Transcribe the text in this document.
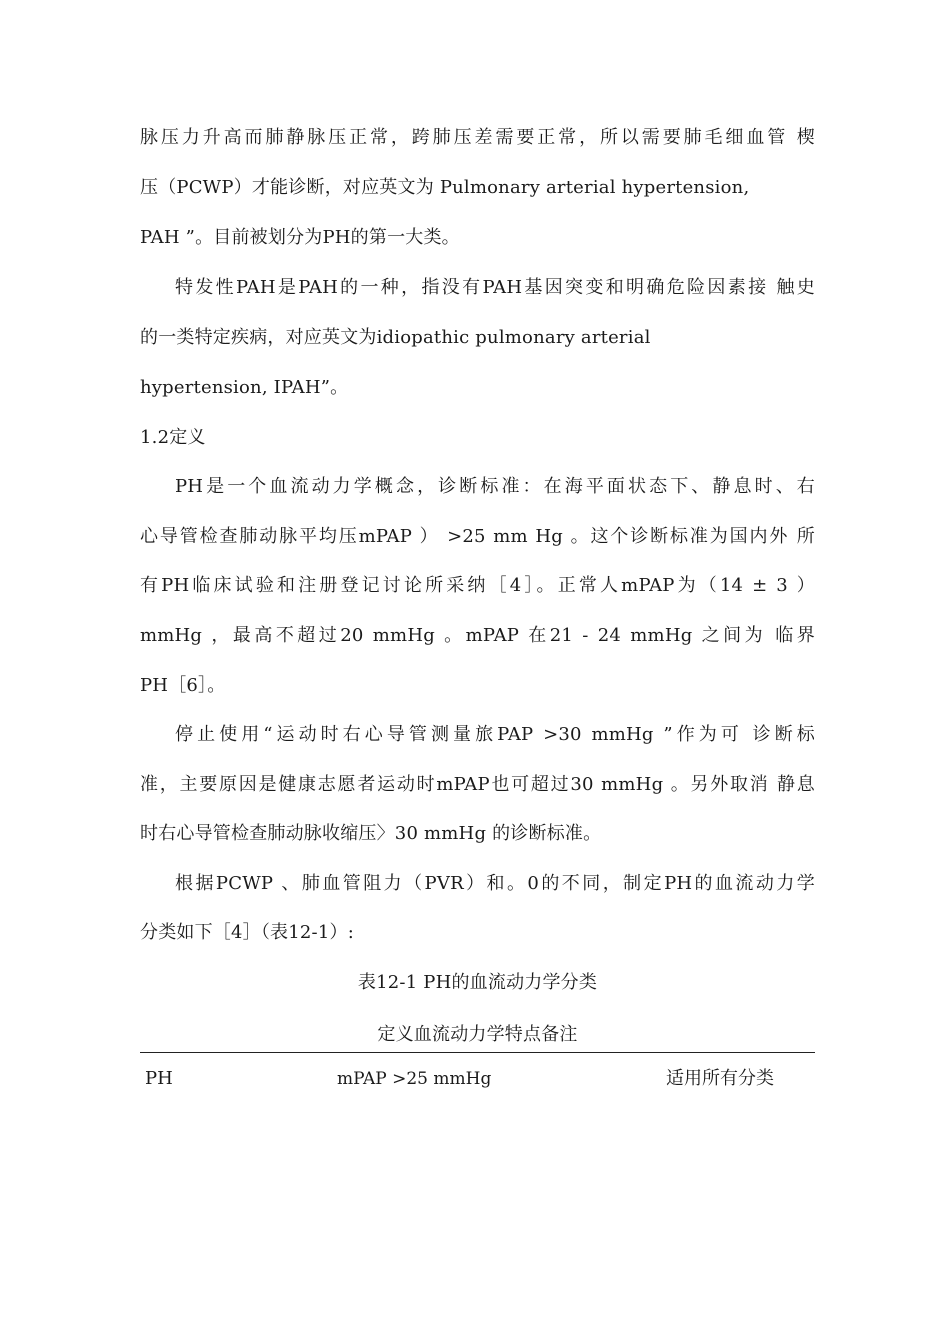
脉压力升高而肺静脉压正常，跨肺压差需要正常，所以需要肺毛细血管 楔
压（PCWP）才能诊断，对应英文为 Pulmonary arterial hypertension,
PAH ”。目前被划分为PH的第一大类。
特发性PAH是PAH的一种，指没有PAH基因突变和明确危险因素接 触史
的一类特定疾病，对应英文为idiopathic pulmonary arterial
hypertension, IPAH”。
1.2定义
PH是一个血流动力学概念，诊断标准：在海平面状态下、静息时、右
心导管检查肺动脉平均压mPAP ） >25 mm Hg 。这个诊断标准为国内外 所
有PH临床试验和注册登记讨论所采纳［4］。正常人mPAP为（14 ± 3 ）
mmHg ，最高不超过20 mmHg 。mPAP 在21 - 24 mmHg 之间为 临界
PH［6］。
停止使用“运动时右心导管测量旅PAP >30 mmHg ”作为可 诊断标
准，主要原因是健康志愿者运动时mPAP也可超过30 mmHg 。另外取消 静息
时右心导管检查肺动脉收缩压〉30 mmHg 的诊断标准。
根据PCWP 、肺血管阻力（PVR）和。0的不同，制定PH的血流动力学
分类如下［4］（表12-1）:
表12-1 PH的血流动力学分类
定义血流动力学特点备注
PH	mPAP >25 mmHg	适用所有分类
